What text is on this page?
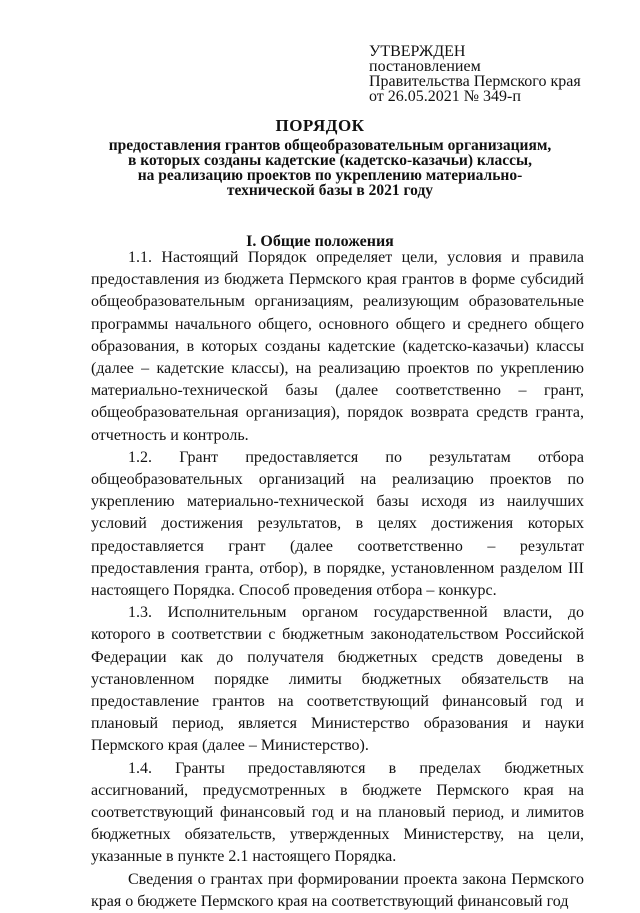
УТВЕРЖДЕН
постановлением
Правительства Пермского края
от 26.05.2021 № 349-п
ПОРЯДОК
предоставления грантов общеобразовательным организациям,
в которых созданы кадетские (кадетско-казачьи) классы,
на реализацию проектов по укреплению материально-
технической базы в 2021 году
I. Общие положения

1.1. Настоящий Порядок определяет цели, условия и правила предоставления из бюджета Пермского края грантов в форме субсидий общеобразовательным организациям, реализующим образовательные программы начального общего, основного общего и среднего общего образования, в которых созданы кадетские (кадетско-казачьи) классы (далее – кадетские классы), на реализацию проектов по укреплению материально-технической базы (далее соответственно – грант, общеобразовательная организация), порядок возврата средств гранта, отчетность и контроль.

1.2. Грант предоставляется по результатам отбора общеобразовательных организаций на реализацию проектов по укреплению материально-технической базы исходя из наилучших условий достижения результатов, в целях достижения которых предоставляется грант (далее соответственно – результат предоставления гранта, отбор), в порядке, установленном разделом III настоящего Порядка. Способ проведения отбора – конкурс.

1.3. Исполнительным органом государственной власти, до которого в соответствии с бюджетным законодательством Российской Федерации как до получателя бюджетных средств доведены в установленном порядке лимиты бюджетных обязательств на предоставление грантов на соответствующий финансовый год и плановый период, является Министерство образования и науки Пермского края (далее – Министерство).

1.4. Гранты предоставляются в пределах бюджетных ассигнований, предусмотренных в бюджете Пермского края на соответствующий финансовый год и на плановый период, и лимитов бюджетных обязательств, утвержденных Министерству, на цели, указанные в пункте 2.1 настоящего Порядка.

Сведения о грантах при формировании проекта закона Пермского края о бюджете Пермского края на соответствующий финансовый год
